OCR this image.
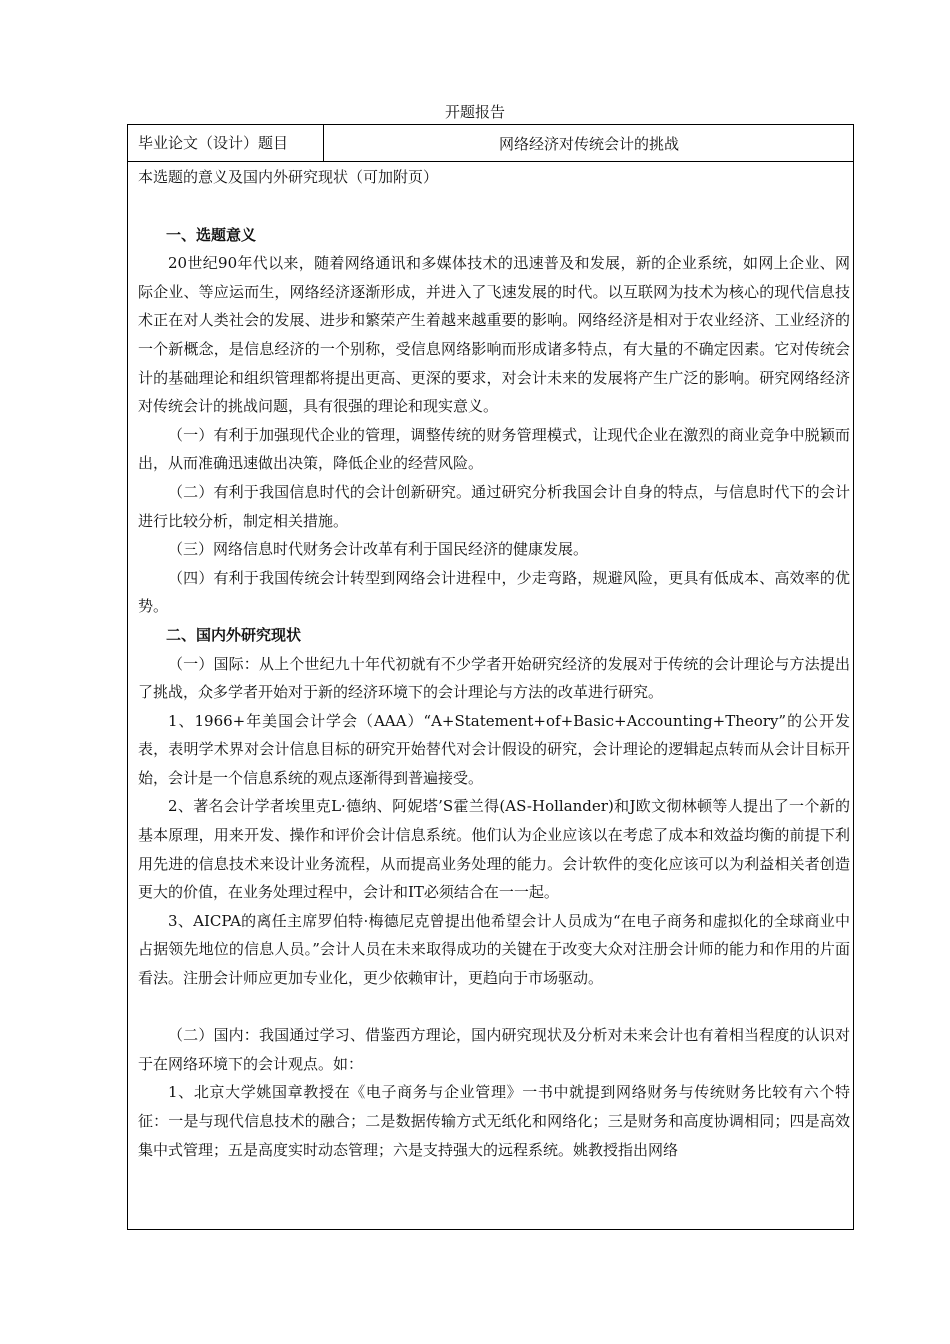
开题报告
毕业论文（设计）题目	网络经济对传统会计的挑战

本选题的意义及国内外研究现状（可加附页）

一、选题意义

20世纪90年代以来，随着网络通讯和多媒体技术的迅速普及和发展，新的企业系统，如网上企业、网际企业、等应运而生，网络经济逐渐形成，并进入了飞速发展的时代。以互联网为技术为核心的现代信息技术正在对人类社会的发展、进步和繁荣产生着越来越重要的影响。网络经济是相对于农业经济、工业经济的一个新概念，是信息经济的一个别称，受信息网络影响而形成诸多特点，有大量的不确定因素。它对传统会计的基础理论和组织管理都将提出更高、更深的要求，对会计未来的发展将产生广泛的影响。研究网络经济对传统会计的挑战问题，具有很强的理论和现实意义。

（一）有利于加强现代企业的管理，调整传统的财务管理模式，让现代企业在激烈的商业竞争中脱颖而出，从而准确迅速做出决策，降低企业的经营风险。

（二）有利于我国信息时代的会计创新研究。通过研究分析我国会计自身的特点，与信息时代下的会计进行比较分析，制定相关措施。

（三）网络信息时代财务会计改革有利于国民经济的健康发展。

（四）有利于我国传统会计转型到网络会计进程中，少走弯路，规避风险，更具有低成本、高效率的优势。

二、国内外研究现状

（一）国际：从上个世纪九十年代初就有不少学者开始研究经济的发展对于传统的会计理论与方法提出了挑战，众多学者开始对于新的经济环境下的会计理论与方法的改革进行研究。

1、1966+年美国会计学会（AAA）“A+Statement+of+Basic+Accounting+Theory”的公开发表，表明学术界对会计信息目标的研究开始替代对会计假设的研究，会计理论的逻辑起点转而从会计目标开始，会计是一个信息系统的观点逐渐得到普遍接受。

2、著名会计学者埃里克L·德纳、阿妮塔’S霍兰得(AS-Hollander)和J欧文彻林顿等人提出了一个新的基本原理，用来开发、操作和评价会计信息系统。他们认为企业应该以在考虑了成本和效益均衡的前提下利用先进的信息技术来设计业务流程，从而提高业务处理的能力。会计软件的变化应该可以为利益相关者创造更大的价值，在业务处理过程中，会计和IT必须结合在一一起。

3、AICPA的离任主席罗伯特·梅德尼克曾提出他希望会计人员成为“在电子商务和虚拟化的全球商业中占据领先地位的信息人员。”会计人员在未来取得成功的关键在于改变大众对注册会计师的能力和作用的片面看法。注册会计师应更加专业化，更少依赖审计，更趋向于市场驱动。

（二）国内：我国通过学习、借鉴西方理论，国内研究现状及分析对未来会计也有着相当程度的认识对于在网络环境下的会计观点。如：

1、北京大学姚国章教授在《电子商务与企业管理》一书中就提到网络财务与传统财务比较有六个特征：一是与现代信息技术的融合；二是数据传输方式无纸化和网络化；三是财务和高度协调相同；四是高效集中式管理；五是高度实时动态管理；六是支持强大的远程系统。姚教授指出网络
